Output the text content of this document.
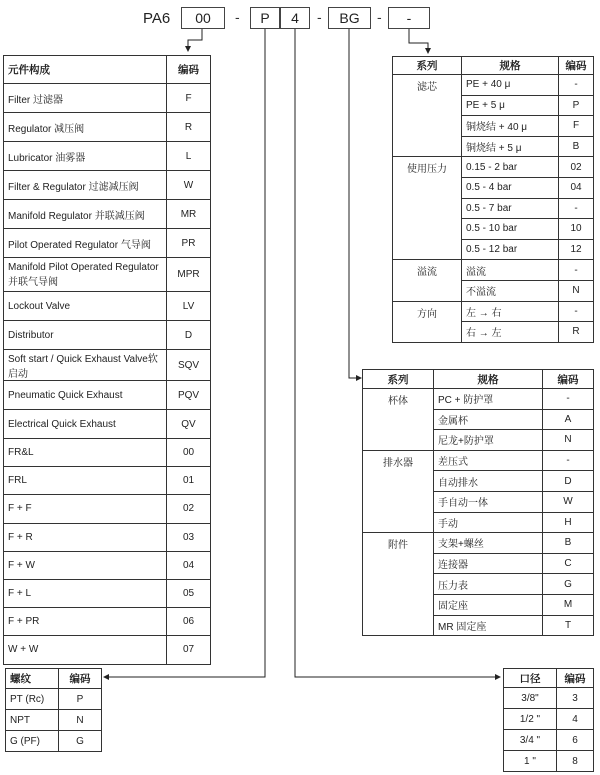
PA6	00	-	P	4	-	BG	-	-
元件构成	编码
Filter 过滤器	F
Regulator 减压阀	R
Lubricator 油雾器	L
Filter & Regulator 过滤减压阀	W
Manifold Regulator 并联减压阀	MR
Pilot Operated Regulator 气导阀	PR
Manifold Pilot Operated Regulator 并联气导阀	MPR
Lockout Valve	LV
Distributor	D
Soft start / Quick Exhaust Valve软启动	SQV
Pneumatic Quick Exhaust	PQV
Electrical Quick Exhaust	QV
FR&L	00
FRL	01
F + F	02
F + R	03
F + W	04
F + L	05
F + PR	06
W + W	07
系列	规格	编码
滤芯	PE + 40 μ	-
	PE + 5 μ	P
	铜烧结 + 40 μ	F
	铜烧结 + 5 μ	B
使用压力	0.15 - 2 bar	02
	0.5 - 4 bar	04
	0.5 - 7 bar	-
	0.5 - 10 bar	10
	0.5 - 12 bar	12
溢流	溢流	-
	不溢流	N
方向	左 → 右	-
	右 → 左	R
系列	规格	编码
杯体	PC + 防护罩	-
	金属杯	A
	尼龙+防护罩	N
排水器	差压式	-
	自动排水	D
	手自动一体	W
	手动	H
附件	支架+螺丝	B
	连接器	C
	压力表	G
	固定座	M
	MR 固定座	T
螺纹	编码
PT (Rc)	P
NPT	N
G (PF)	G
口径	编码
3/8"	3
1/2 "	4
3/4 "	6
1 "	8
